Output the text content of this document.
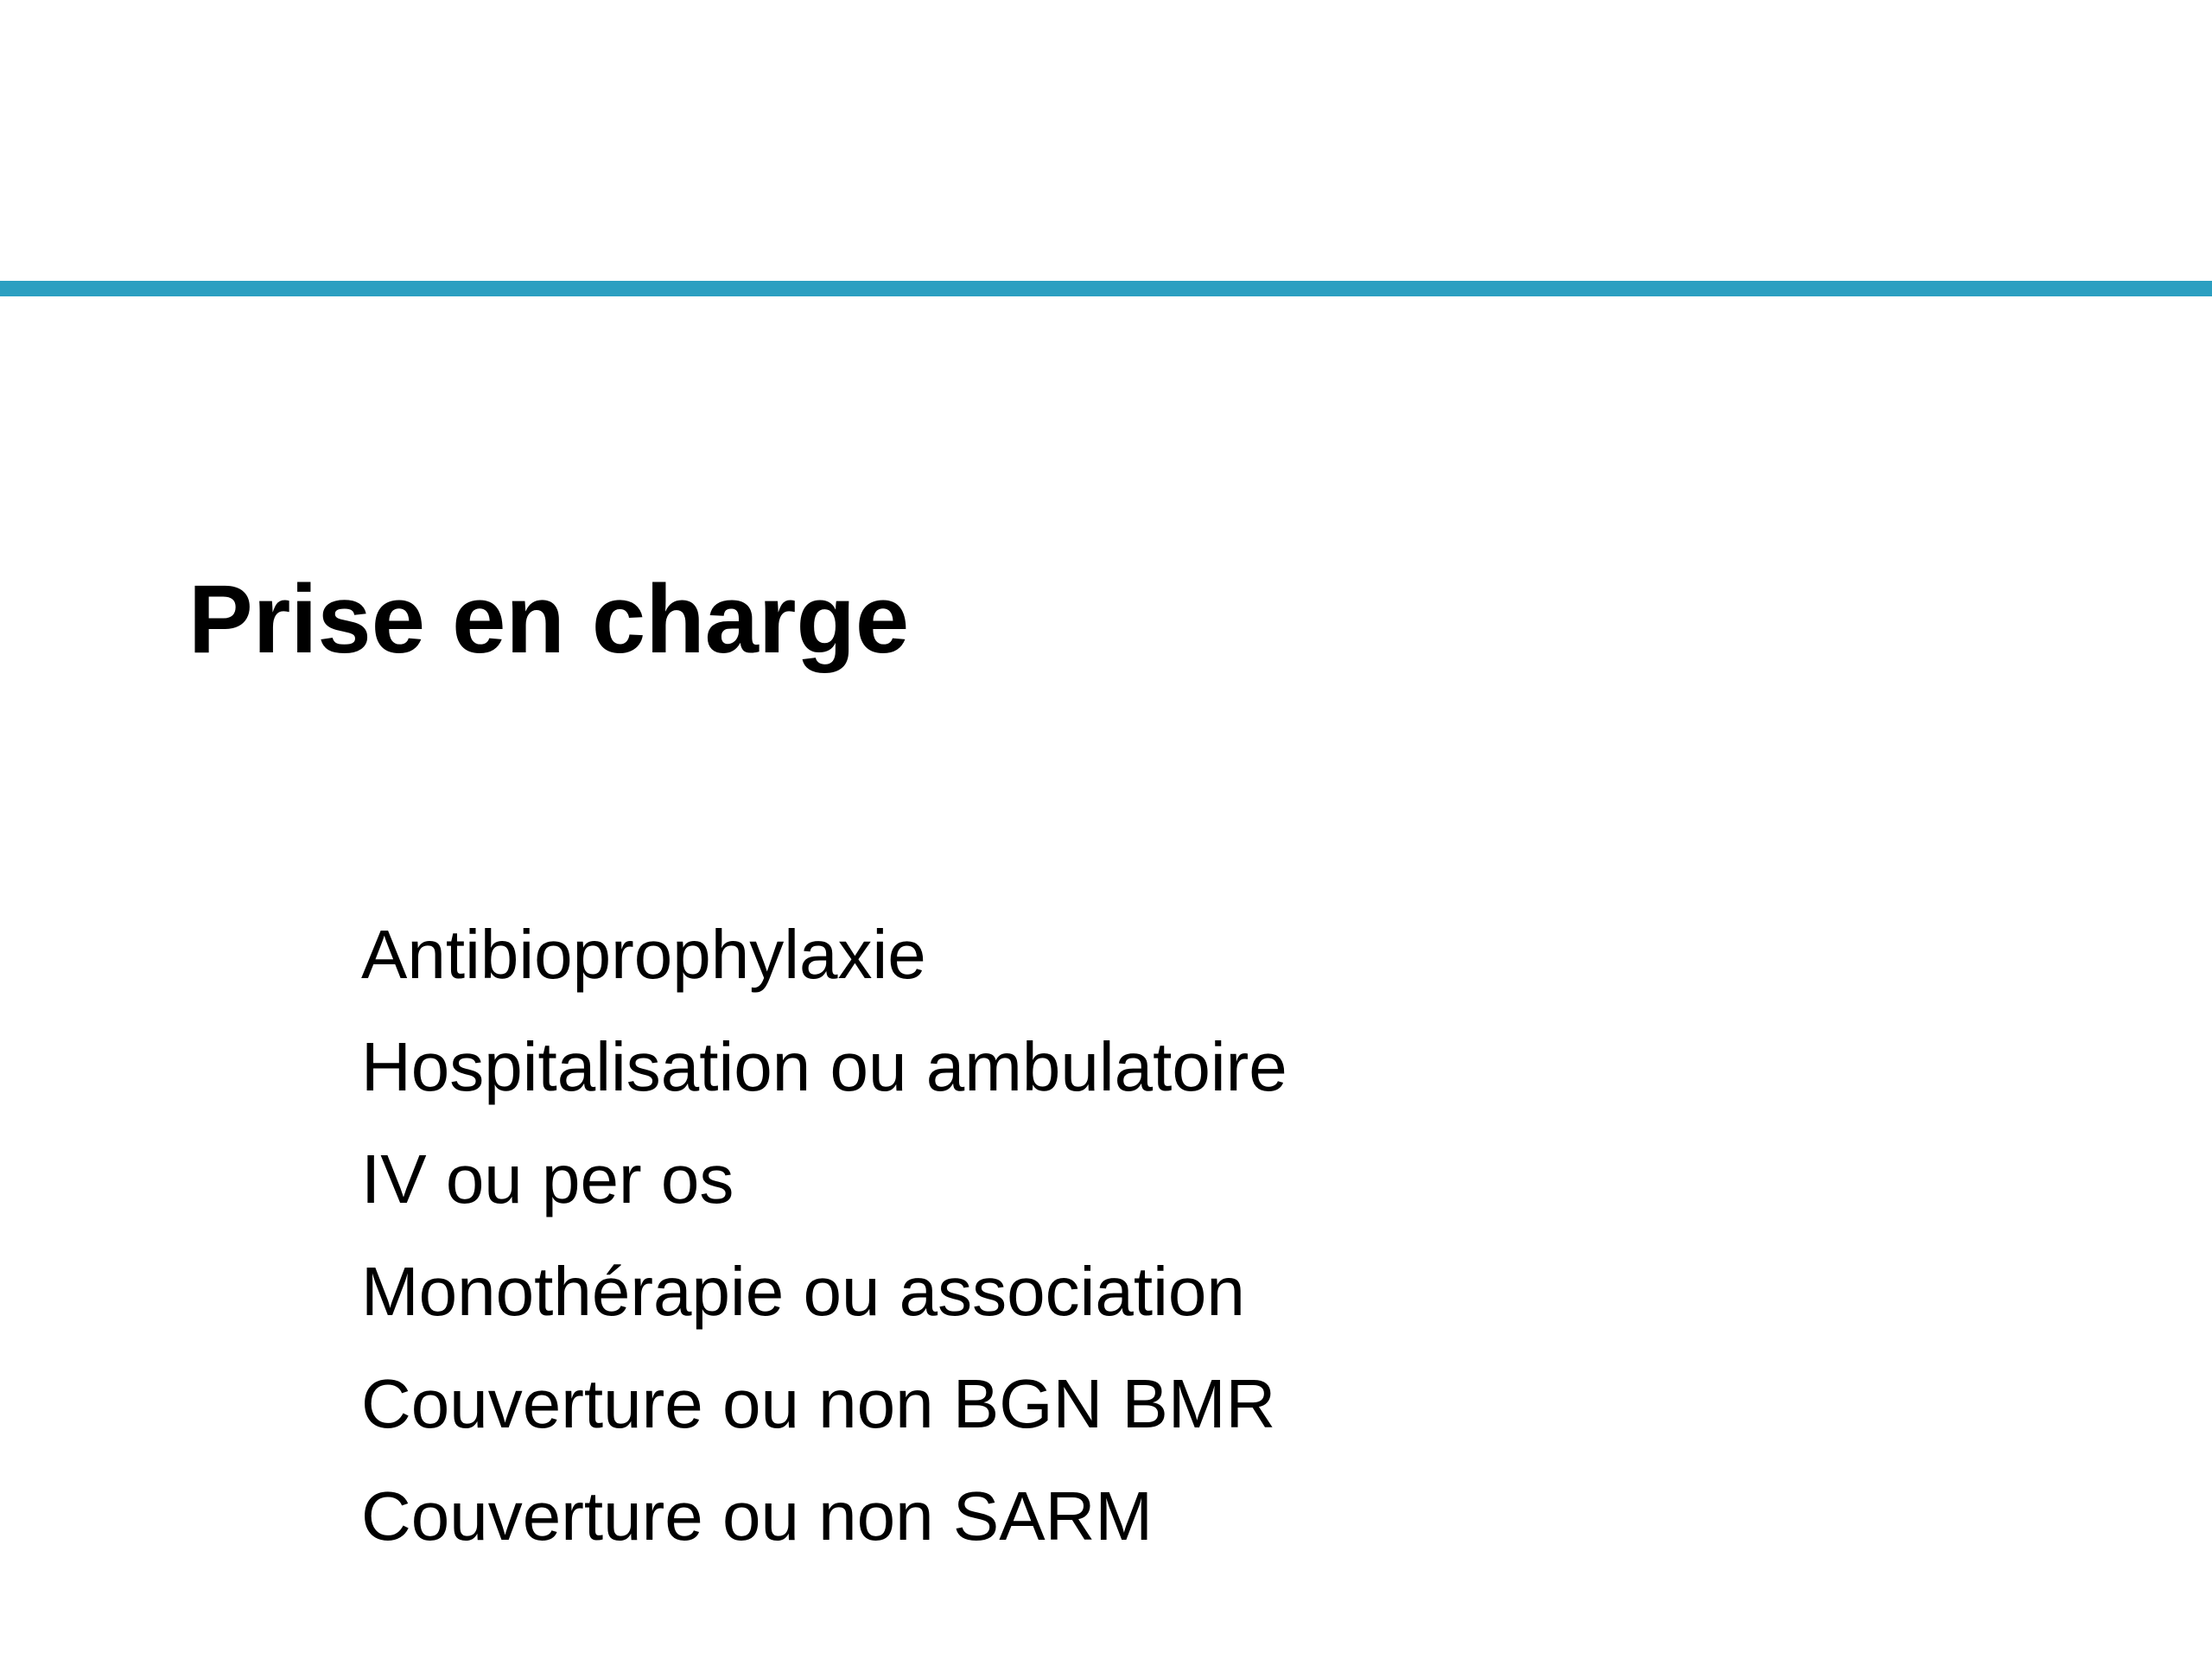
Prise en charge
Antibioprophylaxie
Hospitalisation ou ambulatoire
IV ou per os
Monothérapie ou association
Couverture ou non BGN BMR
Couverture ou non SARM
